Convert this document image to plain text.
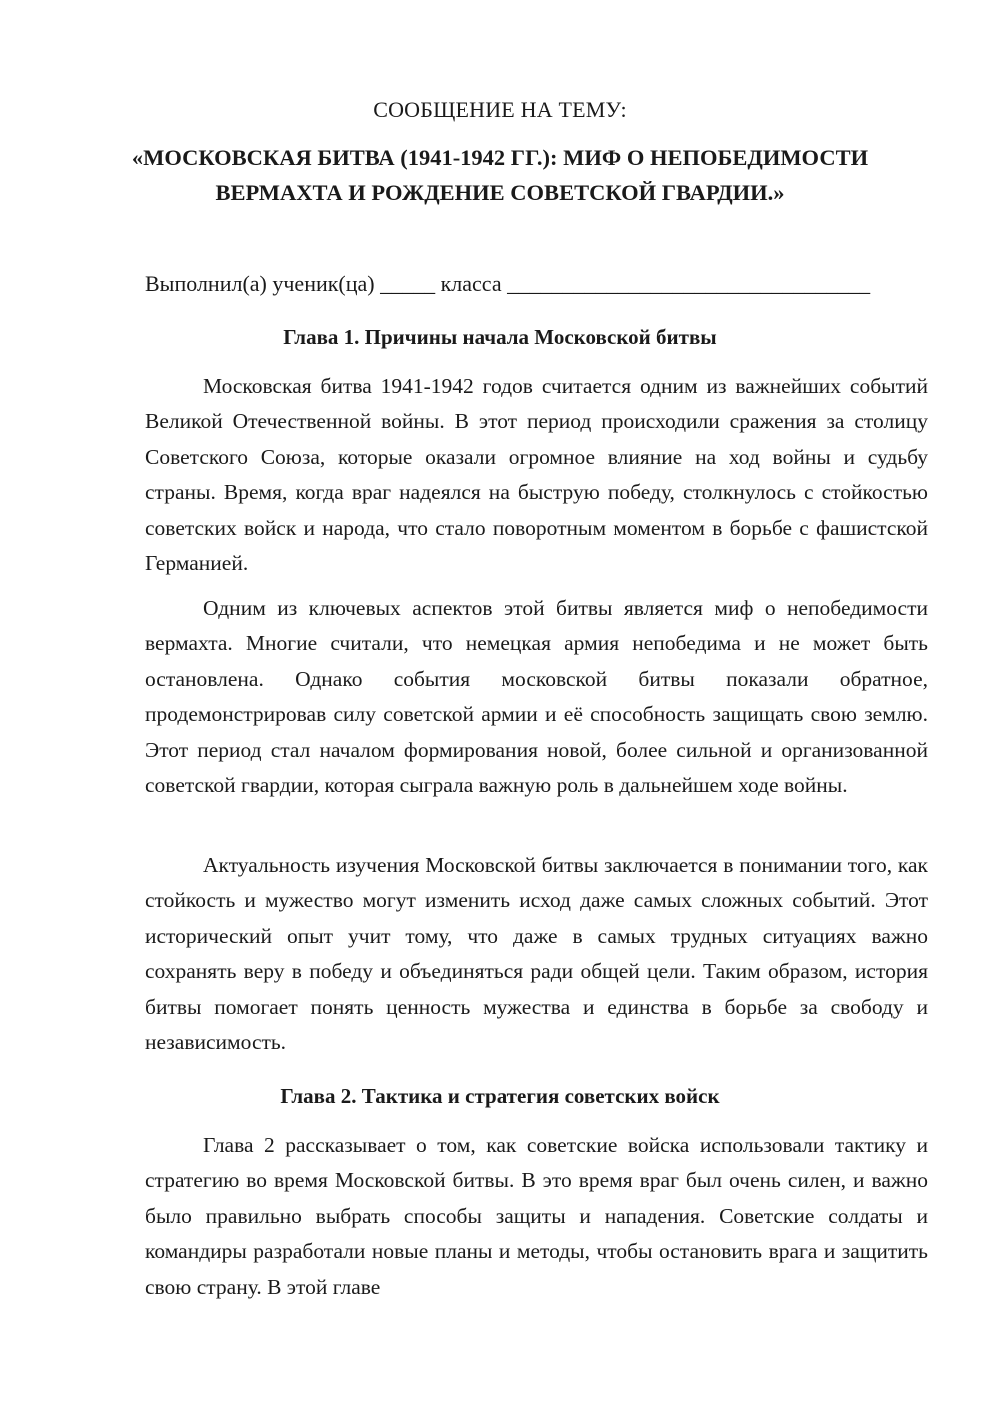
СООБЩЕНИЕ НА ТЕМУ:
«МОСКОВСКАЯ БИТВА (1941-1942 ГГ.): МИФ О НЕПОБЕДИМОСТИ ВЕРМАХТА И РОЖДЕНИЕ СОВЕТСКОЙ ГВАРДИИ.»
Выполнил(а) ученик(ца) _____ класса _________________________________
Глава 1. Причины начала Московской битвы

Московская битва 1941-1942 годов считается одним из важнейших событий Великой Отечественной войны. В этот период происходили сражения за столицу Советского Союза, которые оказали огромное влияние на ход войны и судьбу страны. Время, когда враг надеялся на быструю победу, столкнулось с стойкостью советских войск и народа, что стало поворотным моментом в борьбе с фашистской Германией.

Одним из ключевых аспектов этой битвы является миф о непобедимости вермахта. Многие считали, что немецкая армия непобедима и не может быть остановлена. Однако события московской битвы показали обратное, продемонстрировав силу советской армии и её способность защищать свою землю. Этот период стал началом формирования новой, более сильной и организованной советской гвардии, которая сыграла важную роль в дальнейшем ходе войны.

Актуальность изучения Московской битвы заключается в понимании того, как стойкость и мужество могут изменить исход даже самых сложных событий. Этот исторический опыт учит тому, что даже в самых трудных ситуациях важно сохранять веру в победу и объединяться ради общей цели. Таким образом, история битвы помогает понять ценность мужества и единства в борьбе за свободу и независимость.

Глава 2. Тактика и стратегия советских войск

Глава 2 рассказывает о том, как советские войска использовали тактику и стратегию во время Московской битвы. В это время враг был очень силен, и важно было правильно выбрать способы защиты и нападения. Советские солдаты и командиры разработали новые планы и методы, чтобы остановить врага и защитить свою страну. В этой главе
